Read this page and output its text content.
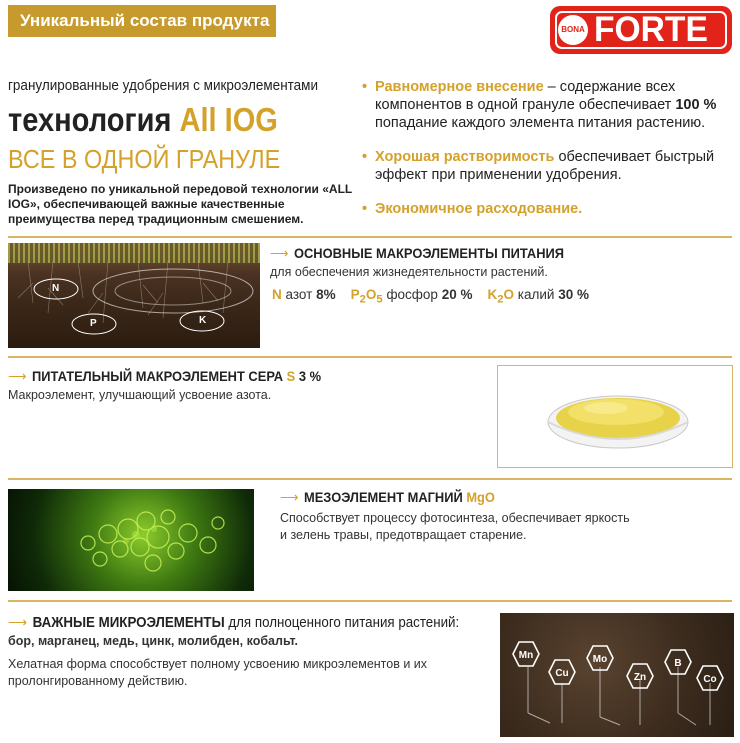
Уникальный состав продукта	BONA FORTE
гранулированные удобрения с микроэлементами
технология All IOG
ВСЕ В ОДНОЙ ГРАНУЛЕ
Произведено по уникальной передовой технологии «ALL IOG», обеспечивающей важные качественные преимущества перед традиционным смешением.
• Равномерное внесение – содержание всех компонентов в одной грануле обеспечивает 100 % попадание каждого элемента питания растению.
• Хорошая растворимость обеспечивает быстрый эффект при применении удобрения.
• Экономичное расходование.
N
P	K
⟶ ОСНОВНЫЕ МАКРОЭЛЕМЕНТЫ ПИТАНИЯ
для обеспечения жизнедеятельности растений.
N азот 8% $P_2O_5$ фосфор 20 % $K_2O$ калий 30 %
⟶ ПИТАТЕЛЬНЫЙ МАКРОЭЛЕМЕНТ СЕРА S 3 %
Макроэлемент, улучшающий усвоение азота.
⟶ МЕЗОЭЛЕМЕНТ МАГНИЙ MgO
Способствует процессу фотосинтеза, обеспечивает яркость и зелень травы, предотвращает старение.
⟶ ВАЖНЫЕ МИКРОЭЛЕМЕНТЫ для полноценного питания растений:
бор, марганец, медь, цинк, молибден, кобальт.
Хелатная форма способствует полному усвоению микроэлементов и их пролонгированному действию.
Mn
Cu
Mo
Zn
B
Co
